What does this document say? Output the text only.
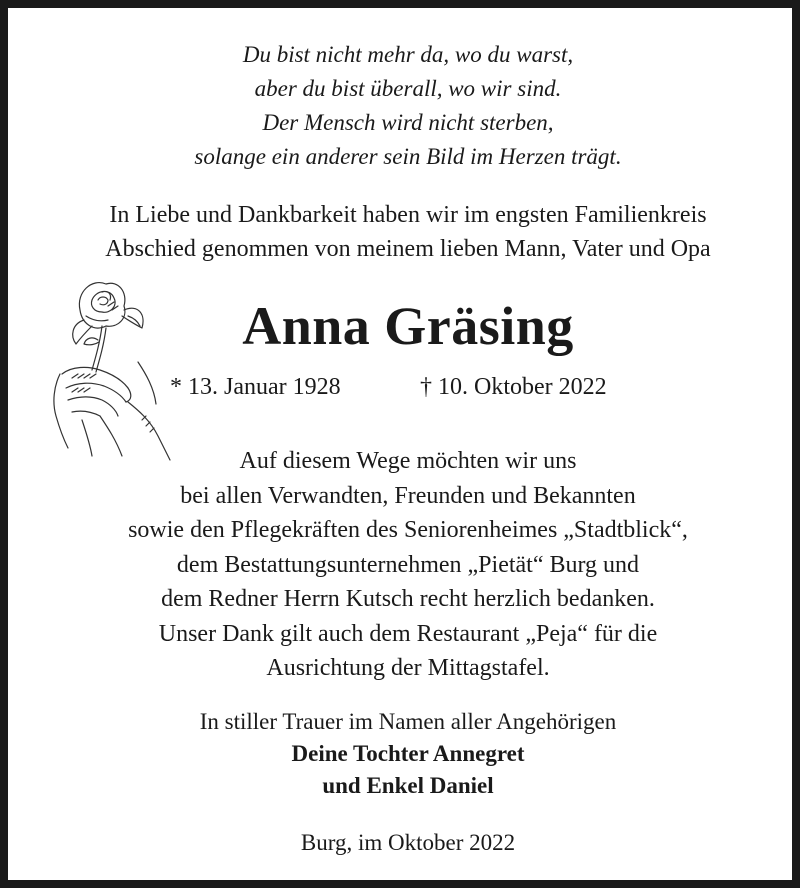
Du bist nicht mehr da, wo du warst,
aber du bist überall, wo wir sind.
Der Mensch wird nicht sterben,
solange ein anderer sein Bild im Herzen trägt.
In Liebe und Dankbarkeit haben wir im engsten Familienkreis
Abschied genommen von meinem lieben Mann, Vater und Opa
Anna Gräsing
* 13. Januar 1928	† 10. Oktober 2022
Auf diesem Wege möchten wir uns
bei allen Verwandten, Freunden und Bekannten
sowie den Pflegekräften des Seniorenheimes „Stadtblick“,
dem Bestattungsunternehmen „Pietät“ Burg und
dem Redner Herrn Kutsch recht herzlich bedanken.
Unser Dank gilt auch dem Restaurant „Peja“ für die
Ausrichtung der Mittagstafel.
In stiller Trauer im Namen aller Angehörigen
Deine Tochter Annegret
und Enkel Daniel
Burg, im Oktober 2022
